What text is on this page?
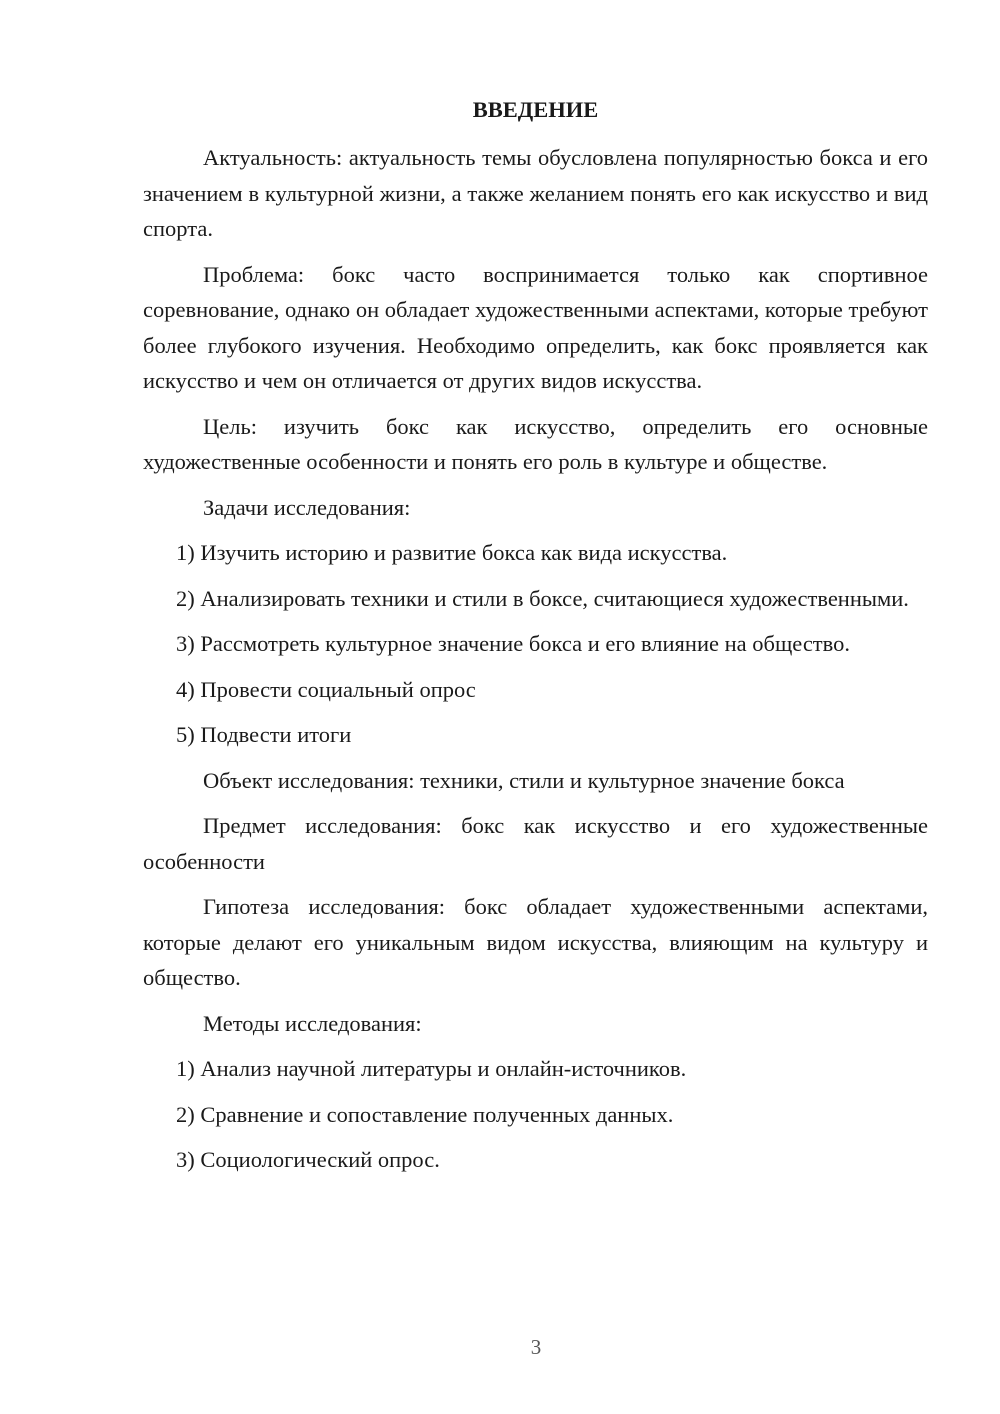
ВВЕДЕНИЕ

Актуальность: актуальность темы обусловлена популярностью бокса и его значением в культурной жизни, а также желанием понять его как искусство и вид спорта.

Проблема: бокс часто воспринимается только как спортивное соревнование, однако он обладает художественными аспектами, которые требуют более глубокого изучения. Необходимо определить, как бокс проявляется как искусство и чем он отличается от других видов искусства.

Цель: изучить бокс как искусство, определить его основные художественные особенности и понять его роль в культуре и обществе.

Задачи исследования:

1) Изучить историю и развитие бокса как вида искусства.

2) Анализировать техники и стили в боксе, считающиеся художественными.

3) Рассмотреть культурное значение бокса и его влияние на общество.

4) Провести социальный опрос

5) Подвести итоги

Объект исследования: техники, стили и культурное значение бокса

Предмет исследования: бокс как искусство и его художественные особенности

Гипотеза исследования: бокс обладает художественными аспектами, которые делают его уникальным видом искусства, влияющим на культуру и общество.

Методы исследования:

1) Анализ научной литературы и онлайн-источников.

2) Сравнение и сопоставление полученных данных.

3) Социологический опрос.

3
